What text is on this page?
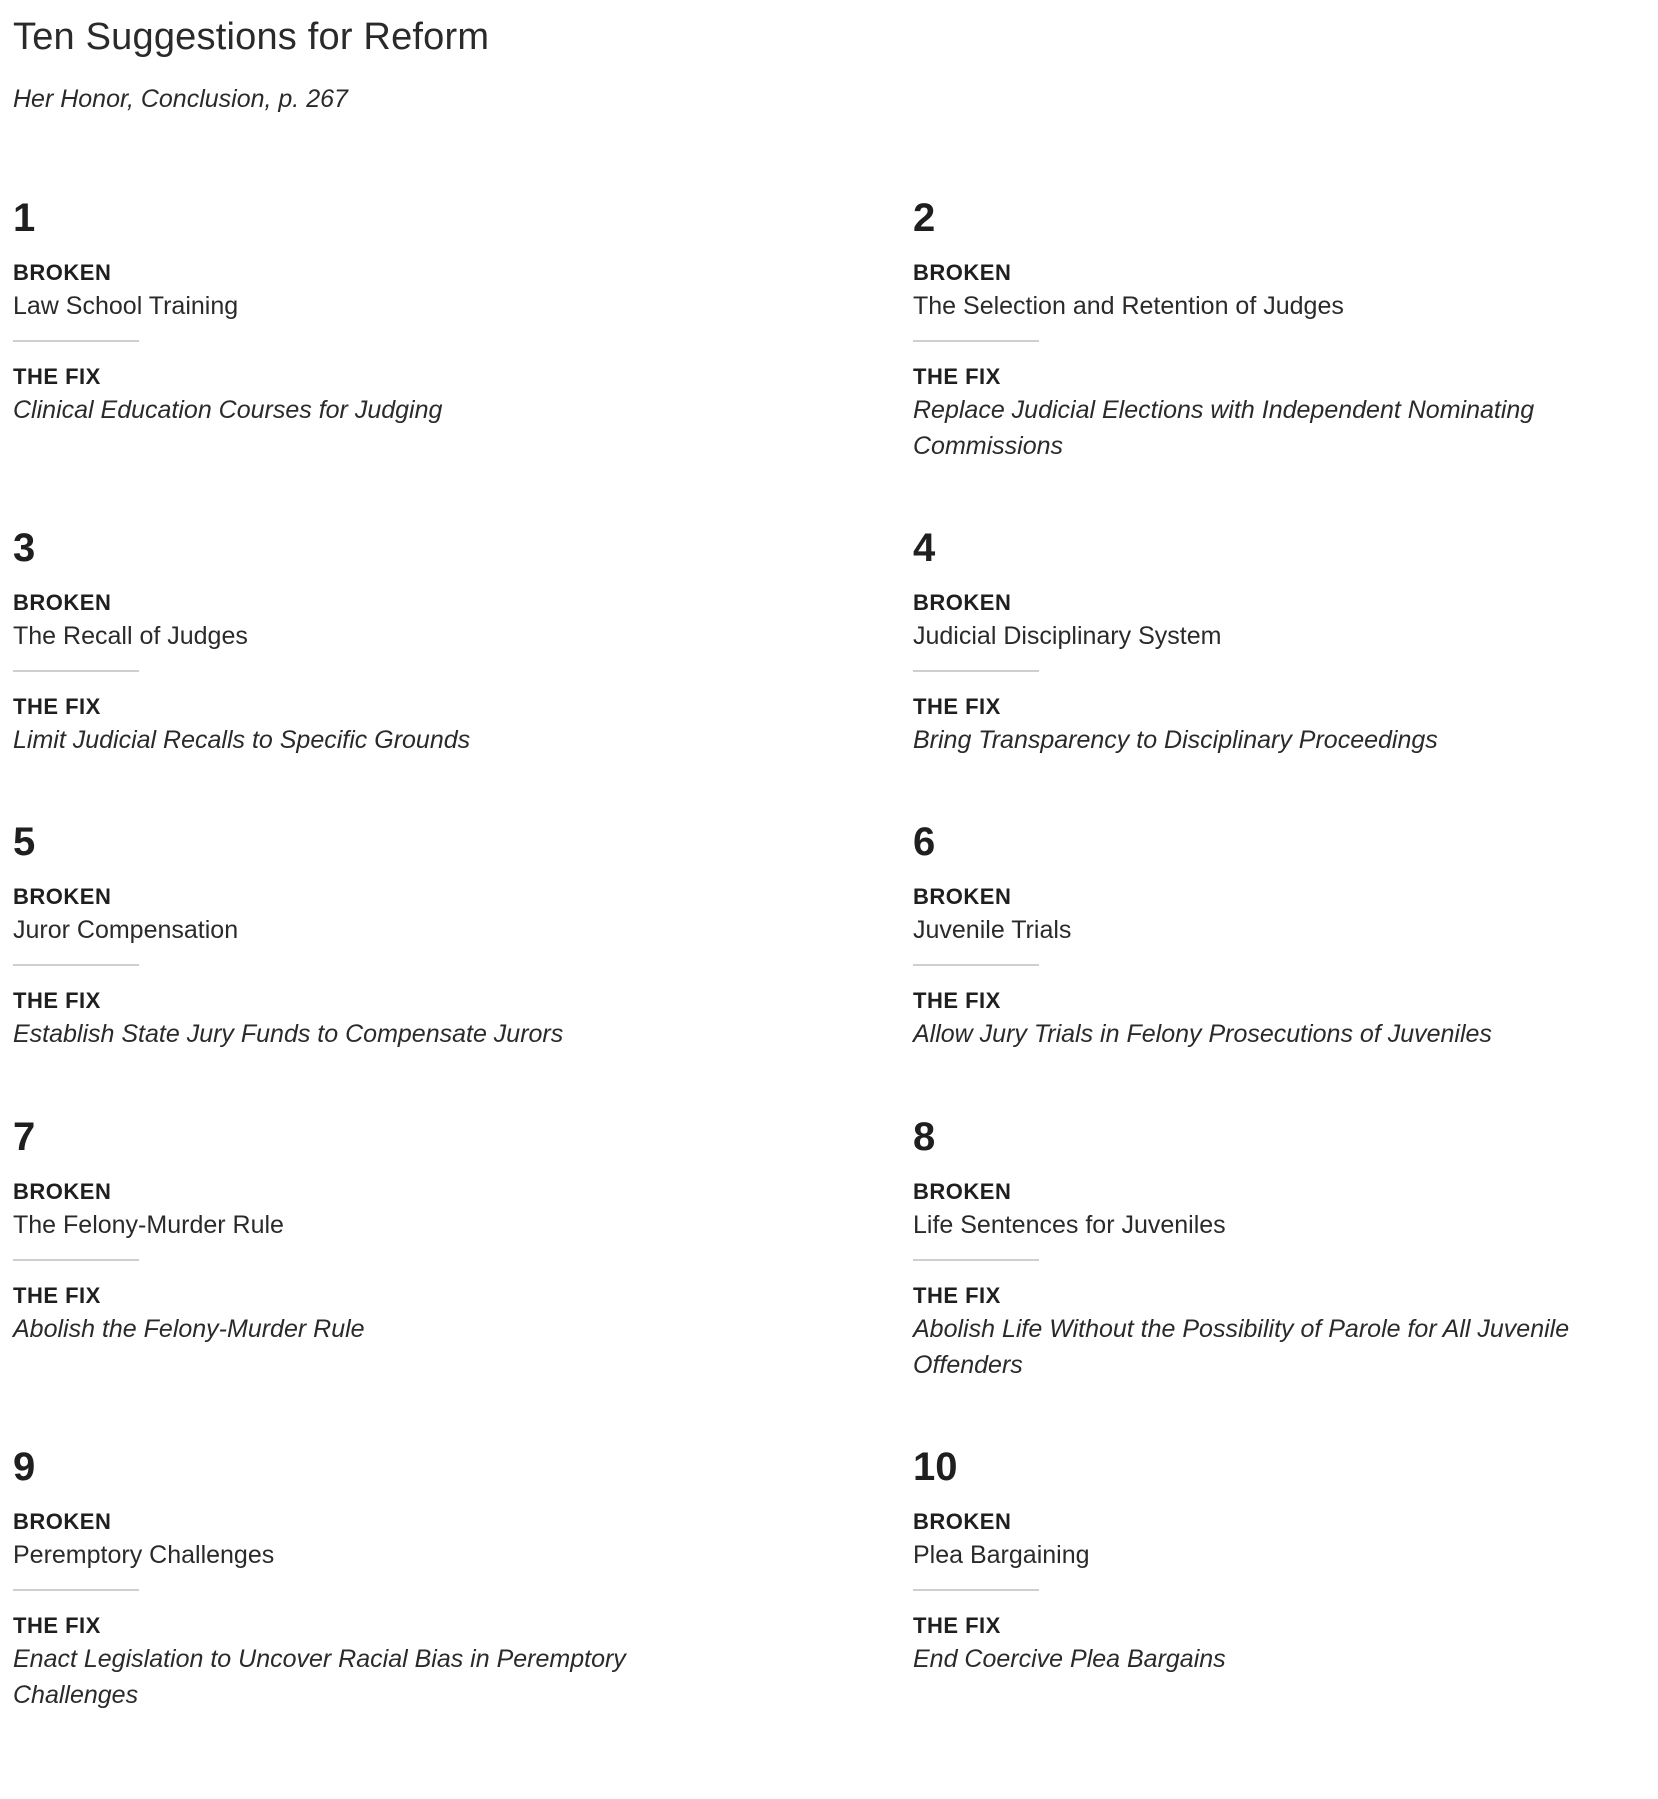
Ten Suggestions for Reform

Her Honor, Conclusion, p. 267

1
BROKEN
Law School Training
THE FIX
Clinical Education Courses for Judging
2
BROKEN
The Selection and Retention of Judges
THE FIX
Replace Judicial Elections with Independent Nominating Commissions
3
BROKEN
The Recall of Judges
THE FIX
Limit Judicial Recalls to Specific Grounds
4
BROKEN
Judicial Disciplinary System
THE FIX
Bring Transparency to Disciplinary Proceedings
5
BROKEN
Juror Compensation
THE FIX
Establish State Jury Funds to Compensate Jurors
6
BROKEN
Juvenile Trials
THE FIX
Allow Jury Trials in Felony Prosecutions of Juveniles
7
BROKEN
The Felony-Murder Rule
THE FIX
Abolish the Felony-Murder Rule
8
BROKEN
Life Sentences for Juveniles
THE FIX
Abolish Life Without the Possibility of Parole for All Juvenile Offenders
9
BROKEN
Peremptory Challenges
THE FIX
Enact Legislation to Uncover Racial Bias in Peremptory Challenges
10
BROKEN
Plea Bargaining
THE FIX
End Coercive Plea Bargains
